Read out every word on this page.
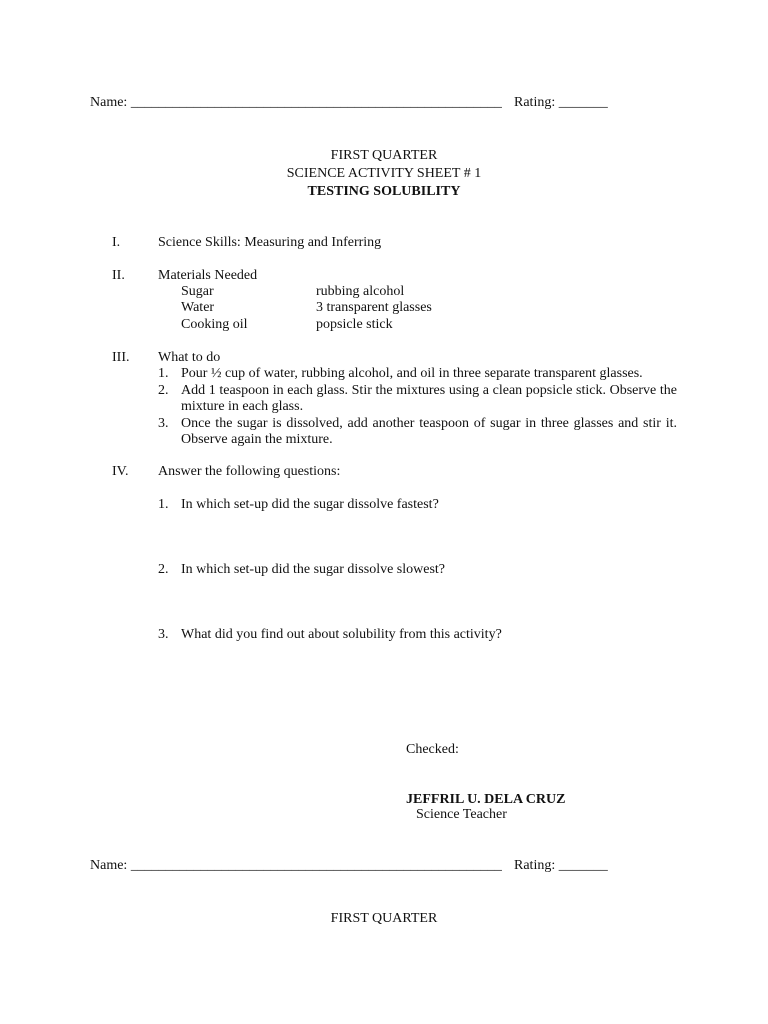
Name: _____________________________________________________ Rating: _______
FIRST QUARTER
SCIENCE ACTIVITY SHEET # 1
TESTING SOLUBILITY
I.	Science Skills: Measuring and Inferring
II. Materials Needed
Sugar
Water
Cooking oil
rubbing alcohol
3 transparent glasses
popsicle stick
III. What to do
1. Pour ½ cup of water, rubbing alcohol, and oil in three separate transparent glasses.
2. Add 1 teaspoon in each glass. Stir the mixtures using a clean popsicle stick. Observe the mixture in each glass.
3. Once the sugar is dissolved, add another teaspoon of sugar in three glasses and stir it. Observe again the mixture.
IV. Answer the following questions:
1. In which set-up did the sugar dissolve fastest?
2. In which set-up did the sugar dissolve slowest?
3. What did you find out about solubility from this activity?
Checked:
JEFFRIL U. DELA CRUZ
Science Teacher
Name: _____________________________________________________ Rating: _______
FIRST QUARTER
